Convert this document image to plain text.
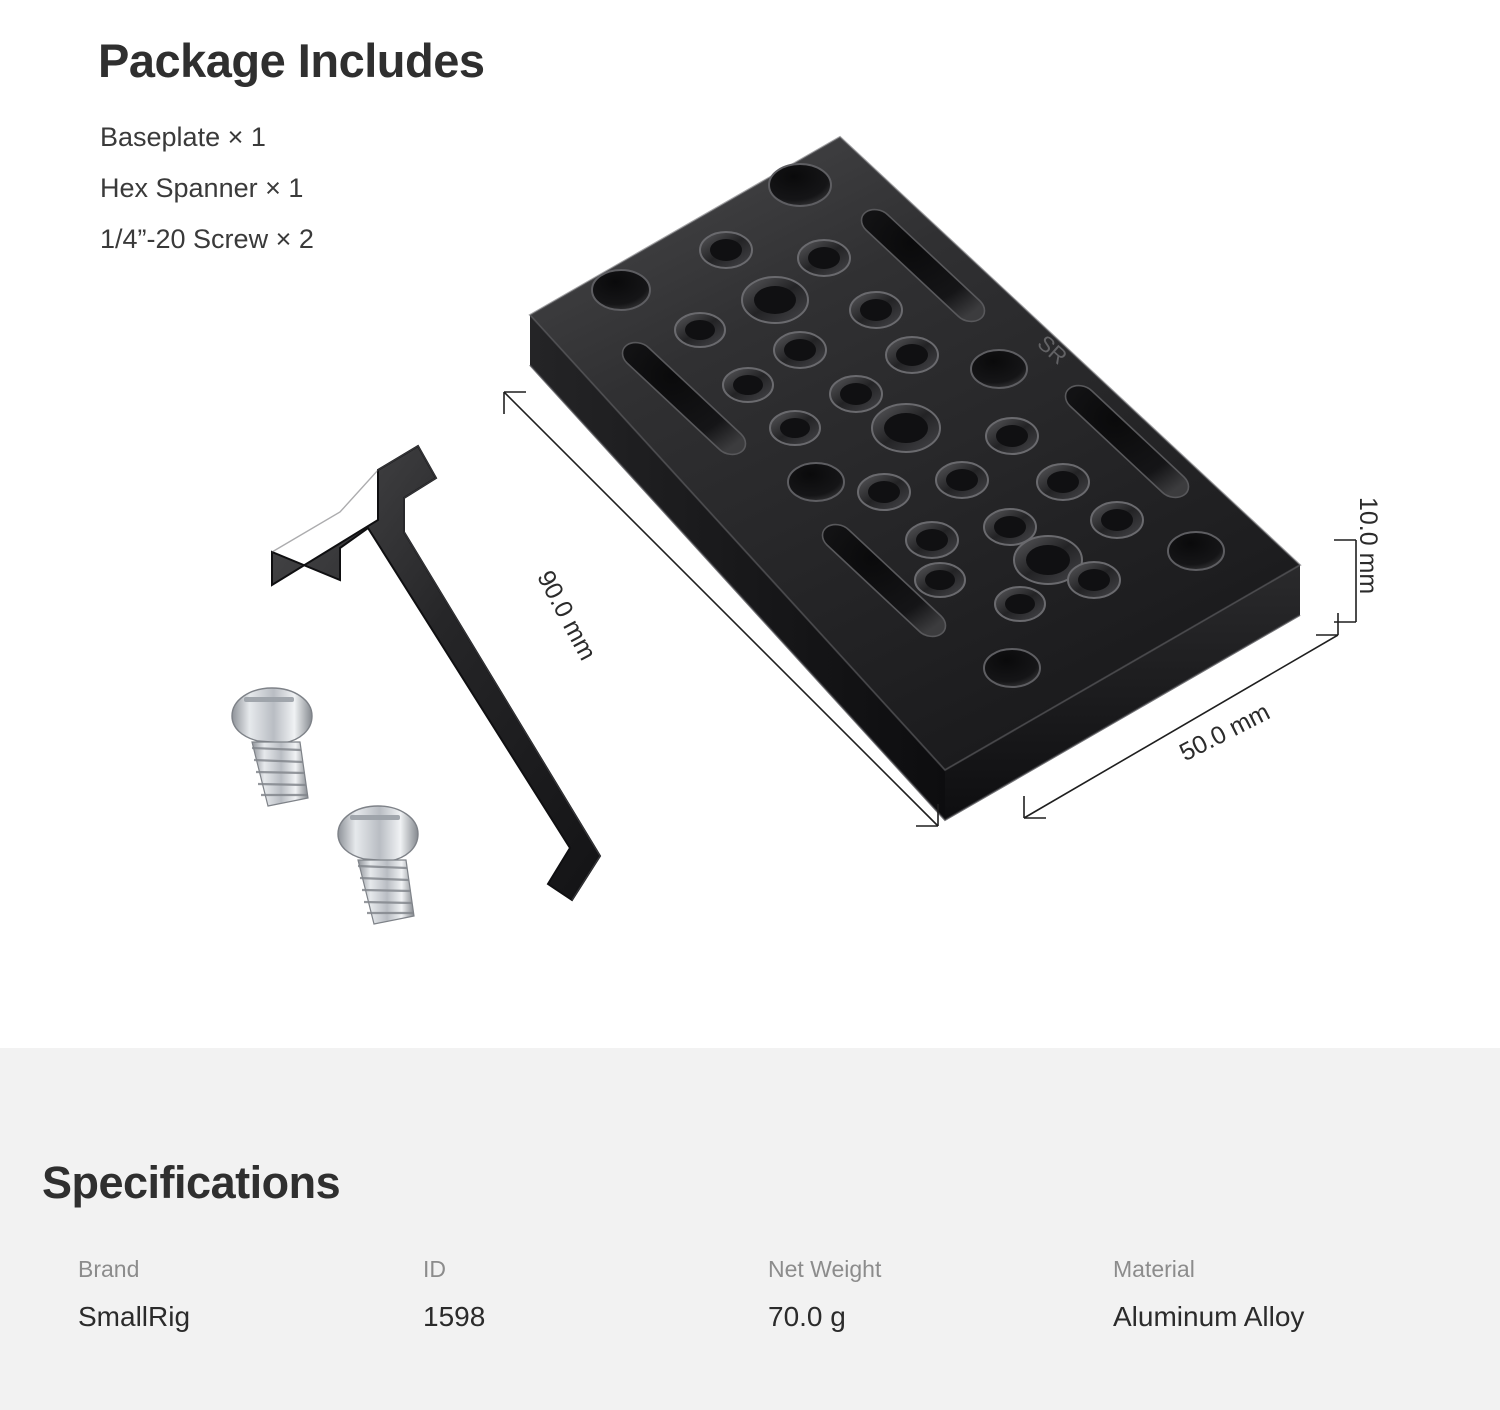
Package Includes
Baseplate × 1
Hex Spanner × 1
1/4”-20 Screw × 2
SR
90.0 mm
50.0 mm
10.0 mm
Specifications
Brand
SmallRig
ID
1598
Net Weight
70.0 g
Material
Aluminum Alloy
